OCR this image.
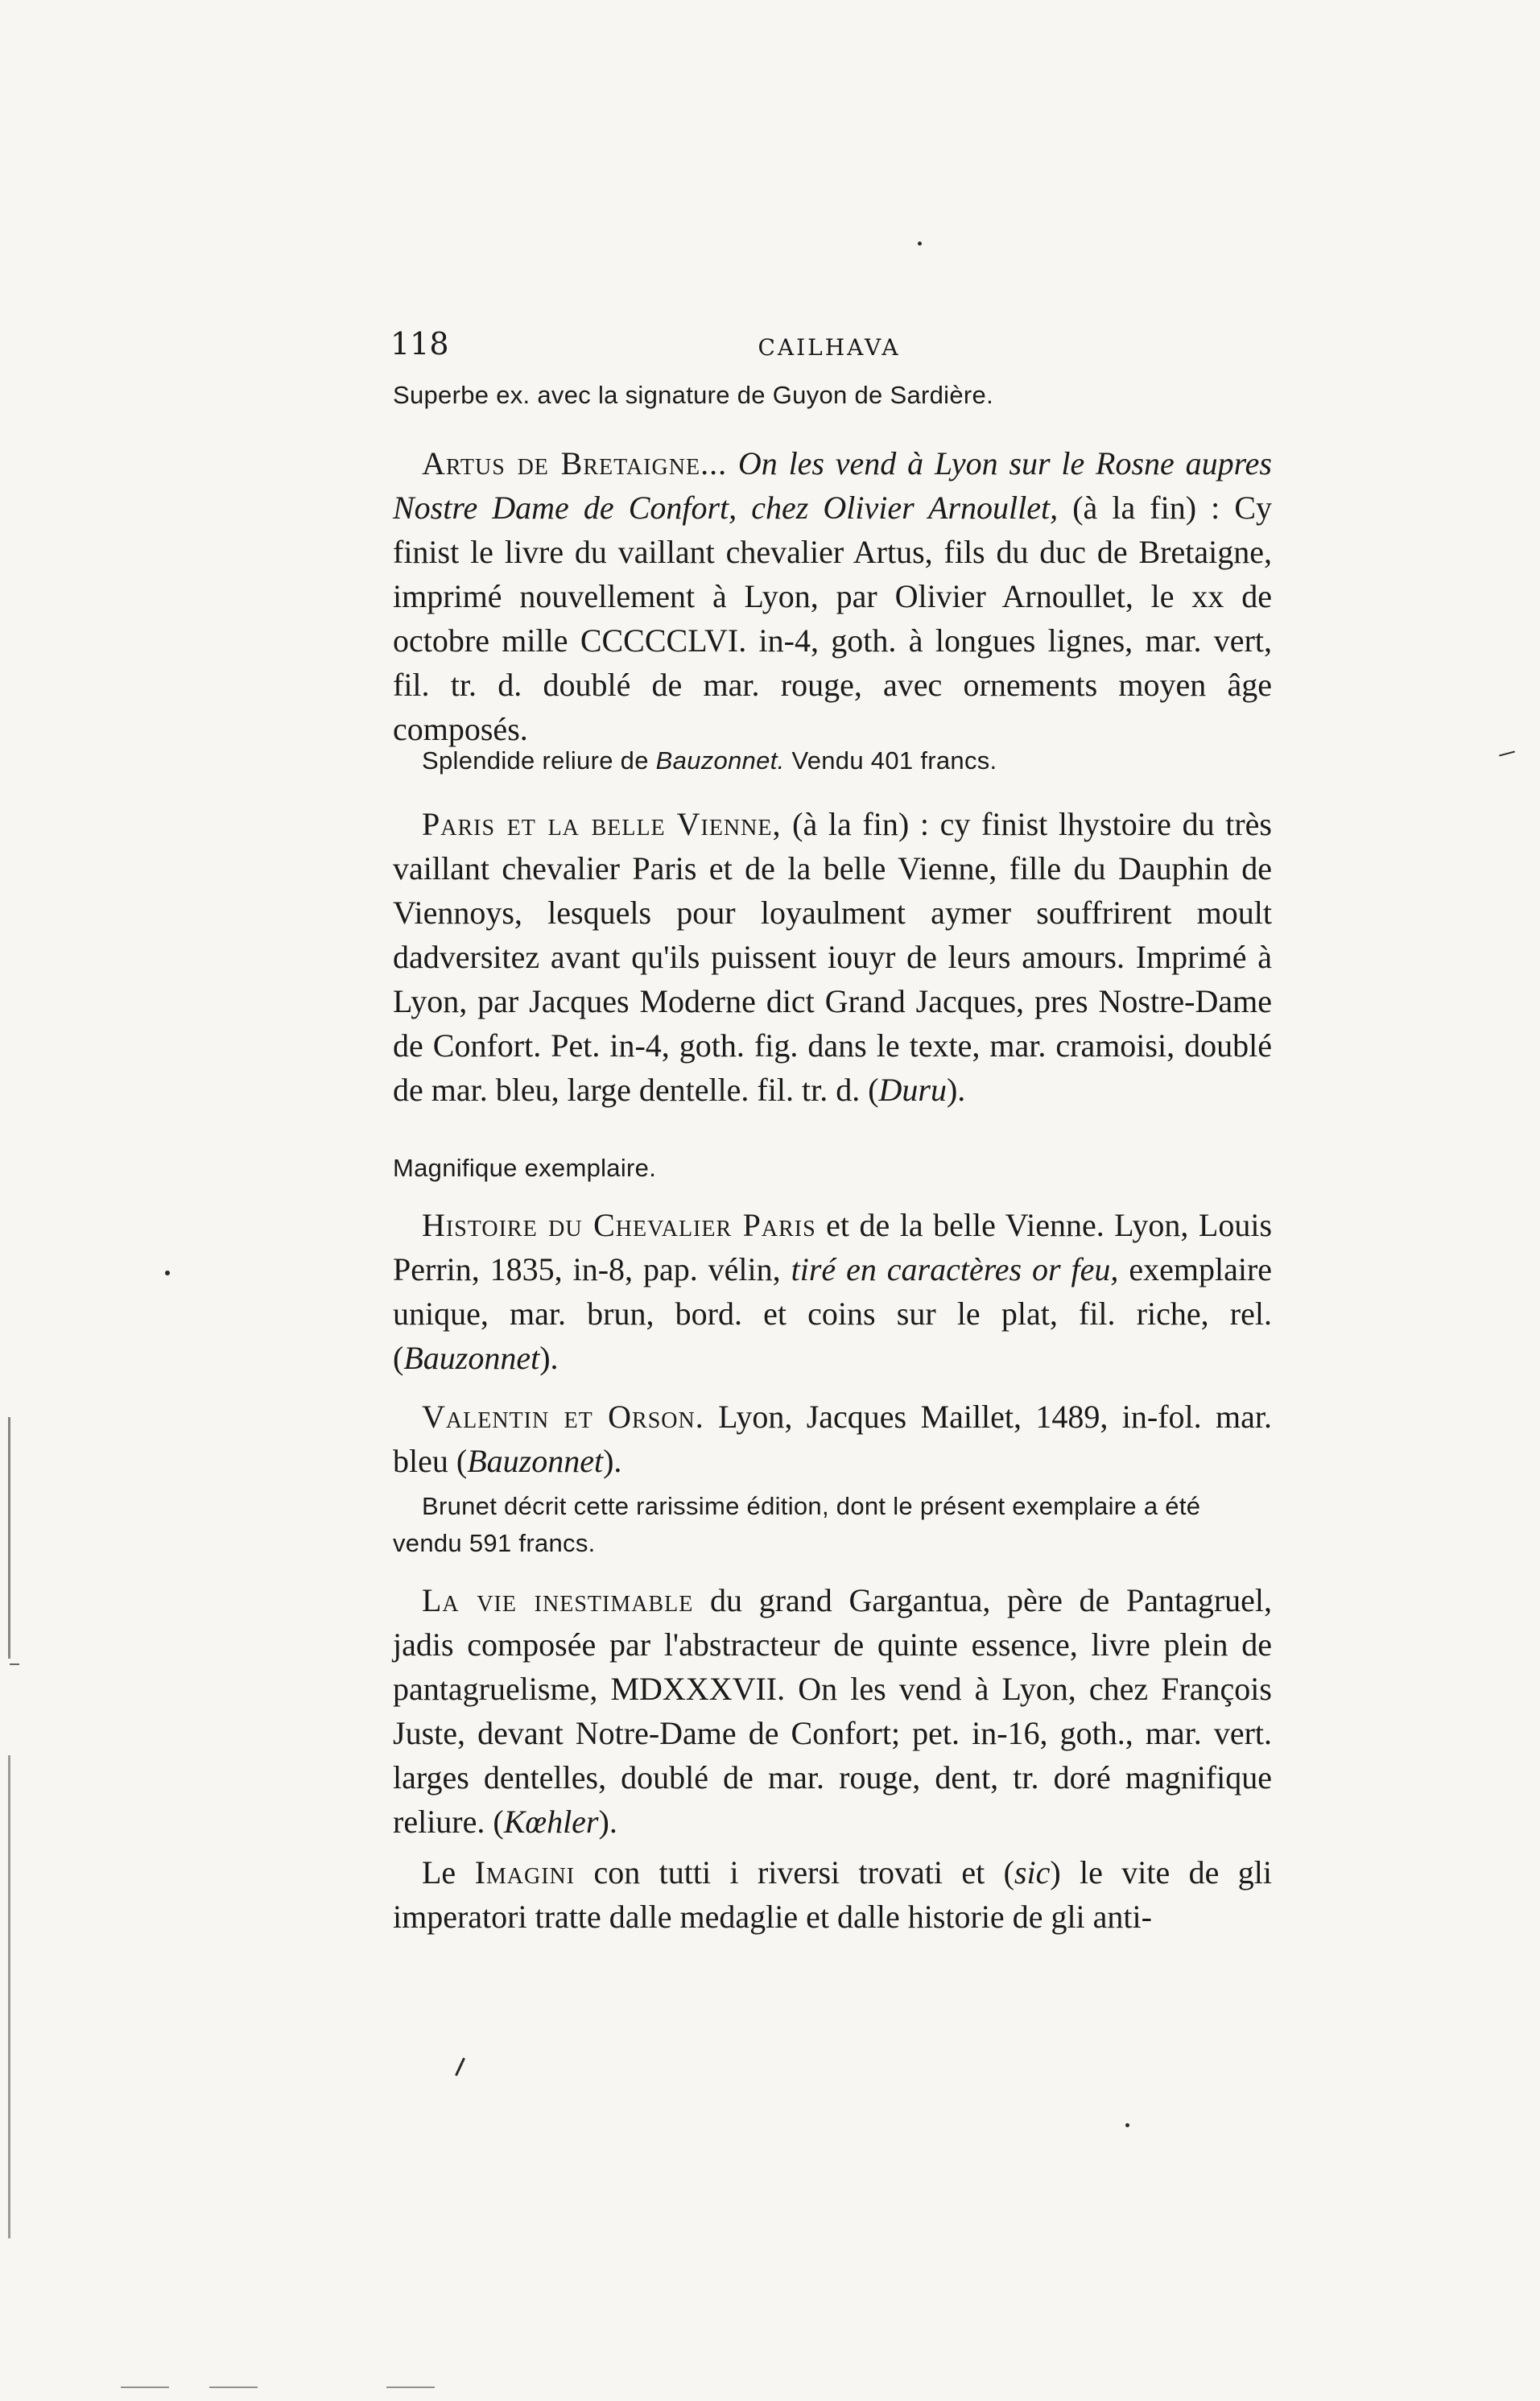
118	CAILHAVA

Superbe ex. avec la signature de Guyon de Sardière.

Artus de Bretaigne... On les vend à Lyon sur le Rosne aupres Nostre Dame de Confort, chez Olivier Arnoullet, (à la fin) : Cy finist le livre du vaillant chevalier Artus, fils du duc de Bretaigne, imprimé nouvellement à Lyon, par Olivier Arnoullet, le xx de octobre mille CCCCCLVI. in-4, goth. à longues lignes, mar. vert, fil. tr. d. doublé de mar. rouge, avec ornements moyen âge composés.

Splendide reliure de Bauzonnet. Vendu 401 francs.

Paris et la belle Vienne, (à la fin) : cy finist lhystoire du très vaillant chevalier Paris et de la belle Vienne, fille du Dauphin de Viennoys, lesquels pour loyaulment aymer souffrirent moult dadversitez avant qu'ils puissent iouyr de leurs amours. Imprimé à Lyon, par Jacques Moderne dict Grand Jacques, pres Nostre-Dame de Confort. Pet. in-4, goth. fig. dans le texte, mar. cramoisi, doublé de mar. bleu, large dentelle. fil. tr. d. (Duru).

Magnifique exemplaire.

Histoire du Chevalier Paris et de la belle Vienne. Lyon, Louis Perrin, 1835, in-8, pap. vélin, tiré en caractères or feu, exemplaire unique, mar. brun, bord. et coins sur le plat, fil. riche, rel. (Bauzonnet).

Valentin et Orson. Lyon, Jacques Maillet, 1489, in-fol. mar. bleu (Bauzonnet).

Brunet décrit cette rarissime édition, dont le présent exemplaire a été vendu 591 francs.

La vie inestimable du grand Gargantua, père de Pantagruel, jadis composée par l'abstracteur de quinte essence, livre plein de pantagruelisme, MDXXXVII. On les vend à Lyon, chez François Juste, devant Notre-Dame de Confort; pet. in-16, goth., mar. vert. larges dentelles, doublé de mar. rouge, dent, tr. doré magnifique reliure. (Kœhler).

Le Imagini con tutti i riversi trovati et (sic) le vite de gli imperatori tratte dalle medaglie et dalle historie de gli anti-
